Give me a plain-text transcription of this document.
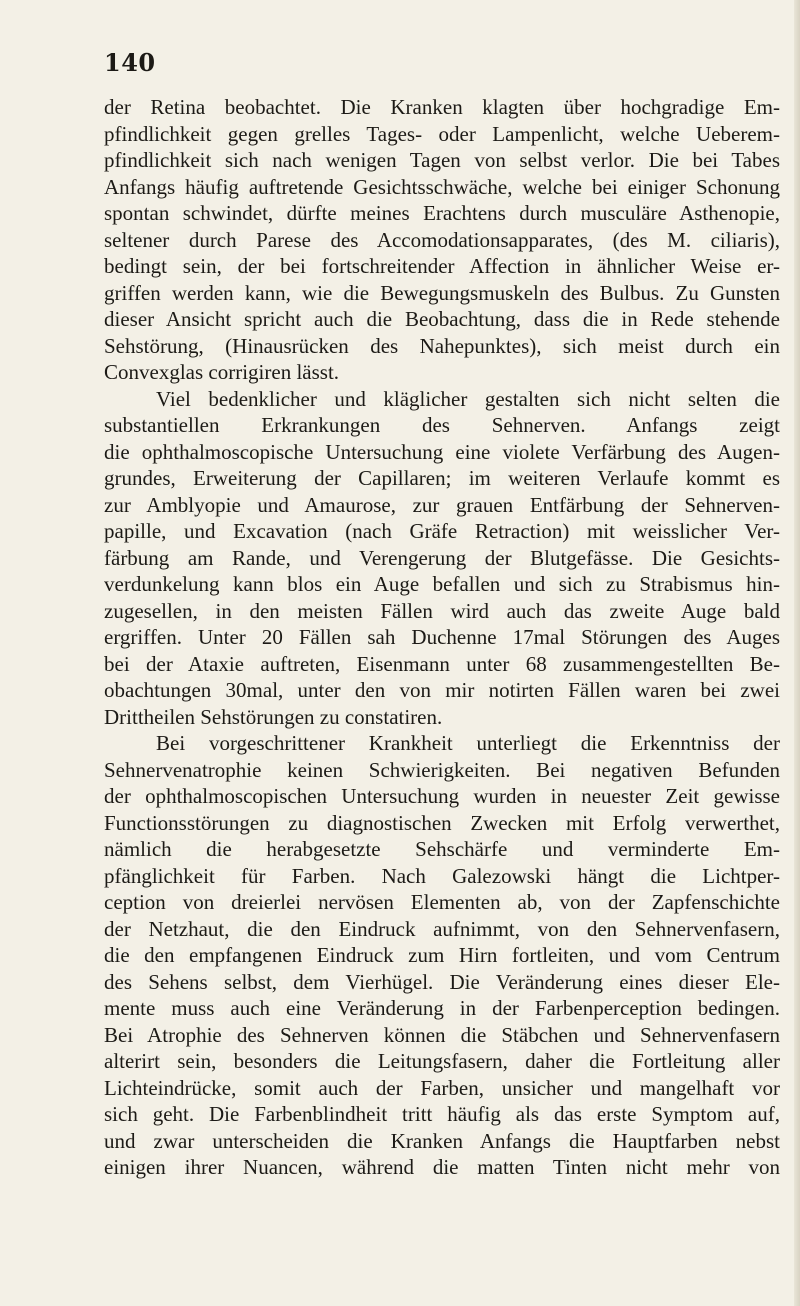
140
der Retina beobachtet. Die Kranken klagten über hochgradige Em-
pfindlichkeit gegen grelles Tages- oder Lampenlicht, welche Ueberem-
pfindlichkeit sich nach wenigen Tagen von selbst verlor. Die bei Tabes
Anfangs häufig auftretende Gesichtsschwäche, welche bei einiger Schonung
spontan schwindet, dürfte meines Erachtens durch musculäre Asthenopie,
seltener durch Parese des Accomodationsapparates, (des M. ciliaris),
bedingt sein, der bei fortschreitender Affection in ähnlicher Weise er-
griffen werden kann, wie die Bewegungsmuskeln des Bulbus. Zu Gunsten
dieser Ansicht spricht auch die Beobachtung, dass die in Rede stehende
Sehstörung, (Hinausrücken des Nahepunktes), sich meist durch ein
Convexglas corrigiren lässt.
Viel bedenklicher und kläglicher gestalten sich nicht selten die
substantiellen Erkrankungen des Sehnerven. Anfangs zeigt
die ophthalmoscopische Untersuchung eine violete Verfärbung des Augen-
grundes, Erweiterung der Capillaren; im weiteren Verlaufe kommt es
zur Amblyopie und Amaurose, zur grauen Entfärbung der Sehnerven-
papille, und Excavation (nach Gräfe Retraction) mit weisslicher Ver-
färbung am Rande, und Verengerung der Blutgefässe. Die Gesichts-
verdunkelung kann blos ein Auge befallen und sich zu Strabismus hin-
zugesellen, in den meisten Fällen wird auch das zweite Auge bald
ergriffen. Unter 20 Fällen sah Duchenne 17mal Störungen des Auges
bei der Ataxie auftreten, Eisenmann unter 68 zusammengestellten Be-
obachtungen 30mal, unter den von mir notirten Fällen waren bei zwei
Drittheilen Sehstörungen zu constatiren.
Bei vorgeschrittener Krankheit unterliegt die Erkenntniss der
Sehnervenatrophie keinen Schwierigkeiten. Bei negativen Befunden
der ophthalmoscopischen Untersuchung wurden in neuester Zeit gewisse
Functionsstörungen zu diagnostischen Zwecken mit Erfolg verwerthet,
nämlich die herabgesetzte Sehschärfe und verminderte Em-
pfänglichkeit für Farben. Nach Galezowski hängt die Lichtper-
ception von dreierlei nervösen Elementen ab, von der Zapfenschichte
der Netzhaut, die den Eindruck aufnimmt, von den Sehnervenfasern,
die den empfangenen Eindruck zum Hirn fortleiten, und vom Centrum
des Sehens selbst, dem Vierhügel. Die Veränderung eines dieser Ele-
mente muss auch eine Veränderung in der Farbenperception bedingen.
Bei Atrophie des Sehnerven können die Stäbchen und Sehnervenfasern
alterirt sein, besonders die Leitungsfasern, daher die Fortleitung aller
Lichteindrücke, somit auch der Farben, unsicher und mangelhaft vor
sich geht. Die Farbenblindheit tritt häufig als das erste Symptom auf,
und zwar unterscheiden die Kranken Anfangs die Hauptfarben nebst
einigen ihrer Nuancen, während die matten Tinten nicht mehr von
